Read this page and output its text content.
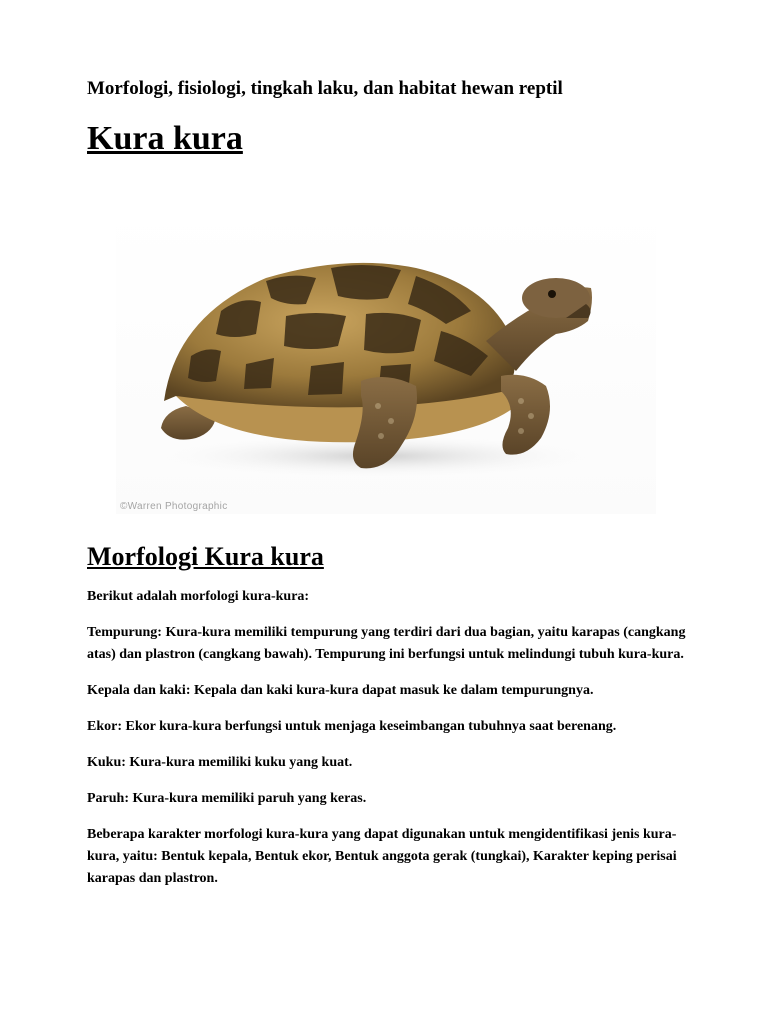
Morfologi, fisiologi, tingkah laku, dan habitat hewan reptil
Kura kura
©Warren Photographic
Morfologi Kura kura

Berikut adalah morfologi kura-kura:

Tempurung: Kura-kura memiliki tempurung yang terdiri dari dua bagian, yaitu karapas (cangkang atas) dan plastron (cangkang bawah). Tempurung ini berfungsi untuk melindungi tubuh kura-kura.

Kepala dan kaki: Kepala dan kaki kura-kura dapat masuk ke dalam tempurungnya.

Ekor: Ekor kura-kura berfungsi untuk menjaga keseimbangan tubuhnya saat berenang.

Kuku: Kura-kura memiliki kuku yang kuat.

Paruh: Kura-kura memiliki paruh yang keras.

Beberapa karakter morfologi kura-kura yang dapat digunakan untuk mengidentifikasi jenis kura-kura, yaitu: Bentuk kepala, Bentuk ekor, Bentuk anggota gerak (tungkai), Karakter keping perisai karapas dan plastron.
